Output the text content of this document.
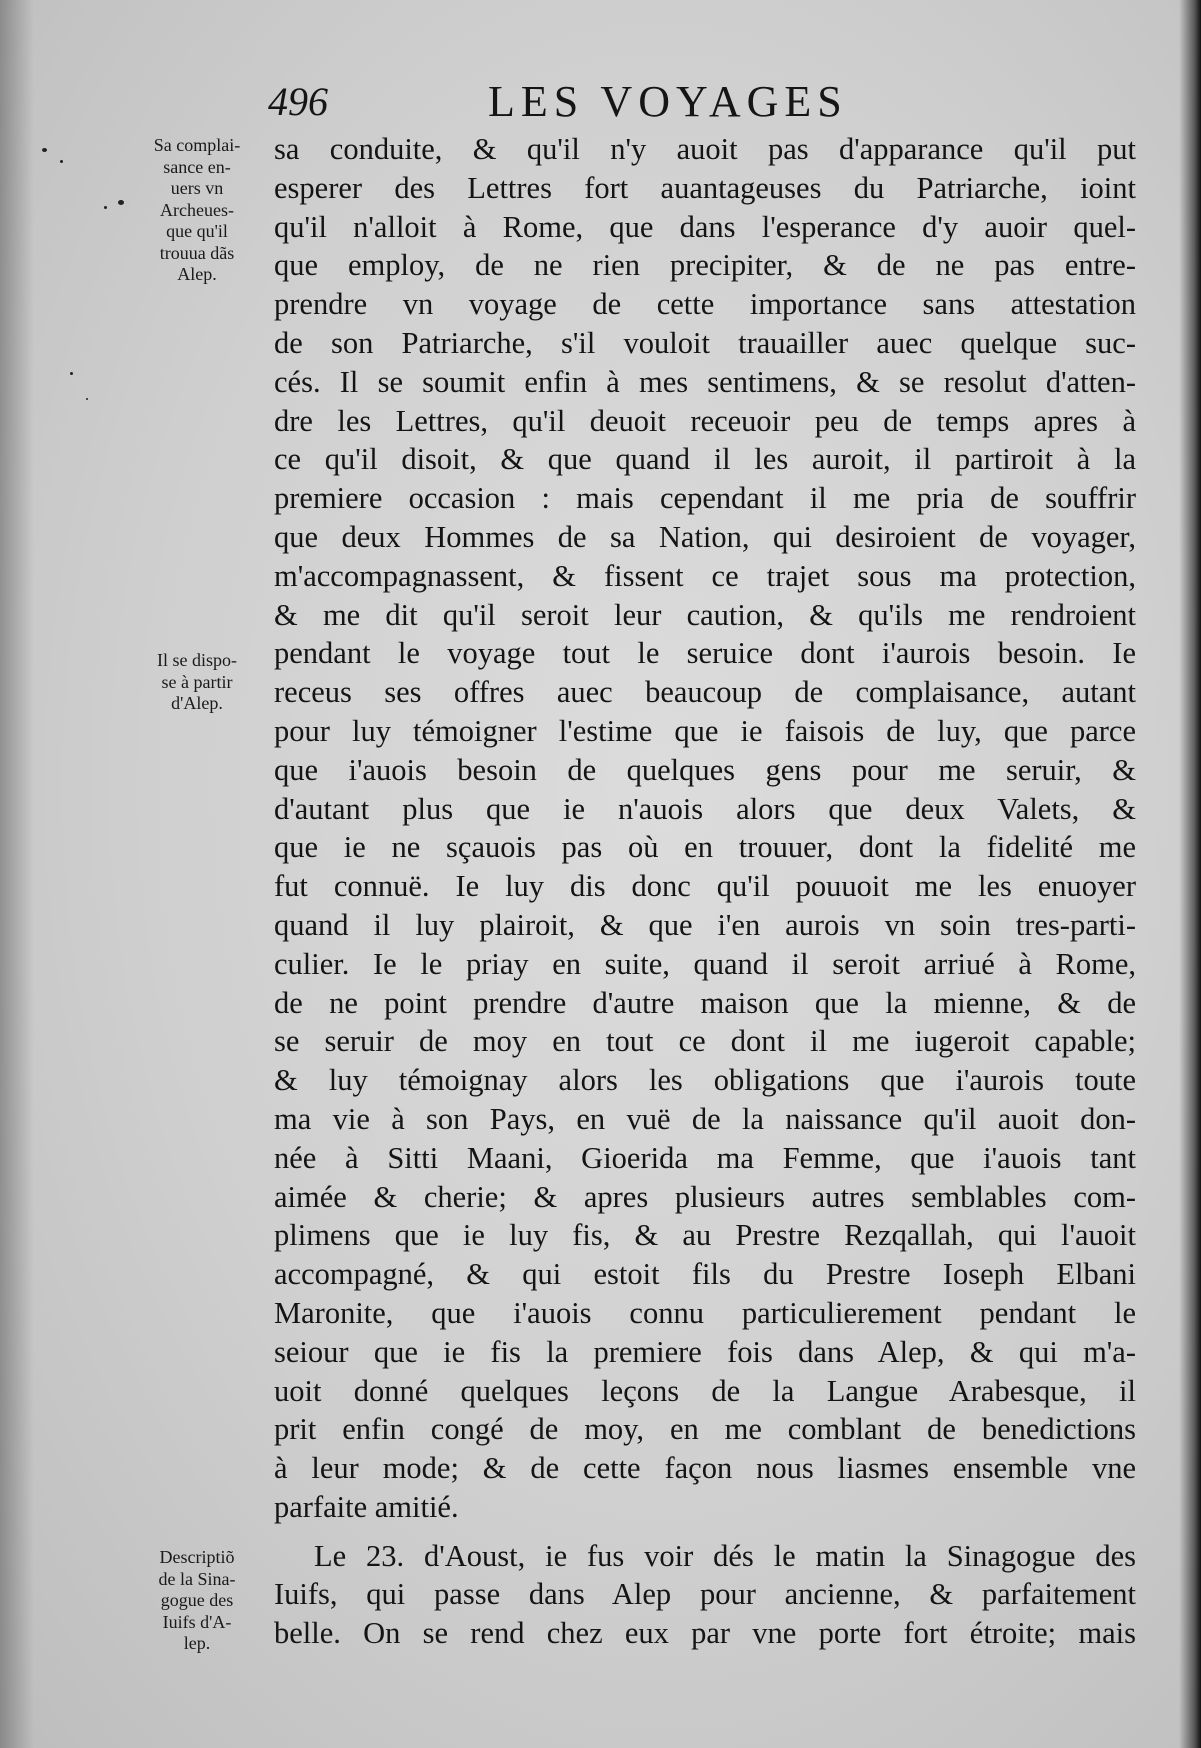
496	LES VOYAGES
Sa complai-
sance en-
uers vn
Archeues-
que qu'il
trouua dãs
Alep.
Il se dispo-
se à partir
d'Alep.
Descriptiõ
de la Sina-
gogue des
Iuifs d'A-
lep.
sa conduite, & qu'il n'y auoit pas d'apparance qu'il put
esperer des Lettres fort auantageuses du Patriarche, ioint
qu'il n'alloit à Rome, que dans l'esperance d'y auoir quel-
que employ, de ne rien precipiter, & de ne pas entre-
prendre vn voyage de cette importance sans attestation
de son Patriarche, s'il vouloit trauailler auec quelque suc-
cés. Il se soumit enfin à mes sentimens, & se resolut d'atten-
dre les Lettres, qu'il deuoit receuoir peu de temps apres à
ce qu'il disoit, & que quand il les auroit, il partiroit à la
premiere occasion : mais cependant il me pria de souffrir
que deux Hommes de sa Nation, qui desiroient de voyager,
m'accompagnassent, & fissent ce trajet sous ma protection,
& me dit qu'il seroit leur caution, & qu'ils me rendroient
pendant le voyage tout le seruice dont i'aurois besoin. Ie
receus ses offres auec beaucoup de complaisance, autant
pour luy témoigner l'estime que ie faisois de luy, que parce
que i'auois besoin de quelques gens pour me seruir, &
d'autant plus que ie n'auois alors que deux Valets, &
que ie ne sçauois pas où en trouuer, dont la fidelité me
fut connuë. Ie luy dis donc qu'il pouuoit me les enuoyer
quand il luy plairoit, & que i'en aurois vn soin tres-parti-
culier. Ie le priay en suite, quand il seroit arriué à Rome,
de ne point prendre d'autre maison que la mienne, & de
se seruir de moy en tout ce dont il me iugeroit capable;
& luy témoignay alors les obligations que i'aurois toute
ma vie à son Pays, en vuë de la naissance qu'il auoit don-
née à Sitti Maani, Gioerida ma Femme, que i'auois tant
aimée & cherie; & apres plusieurs autres semblables com-
plimens que ie luy fis, & au Prestre Rezqallah, qui l'auoit
accompagné, & qui estoit fils du Prestre Ioseph Elbani
Maronite, que i'auois connu particulierement pendant le
seiour que ie fis la premiere fois dans Alep, & qui m'a-
uoit donné quelques leçons de la Langue Arabesque, il
prit enfin congé de moy, en me comblant de benedictions
à leur mode; & de cette façon nous liasmes ensemble vne
parfaite amitié.
Le 23. d'Aoust, ie fus voir dés le matin la Sinagogue des
Iuifs, qui passe dans Alep pour ancienne, & parfaitement
belle. On se rend chez eux par vne porte fort étroite; mais
